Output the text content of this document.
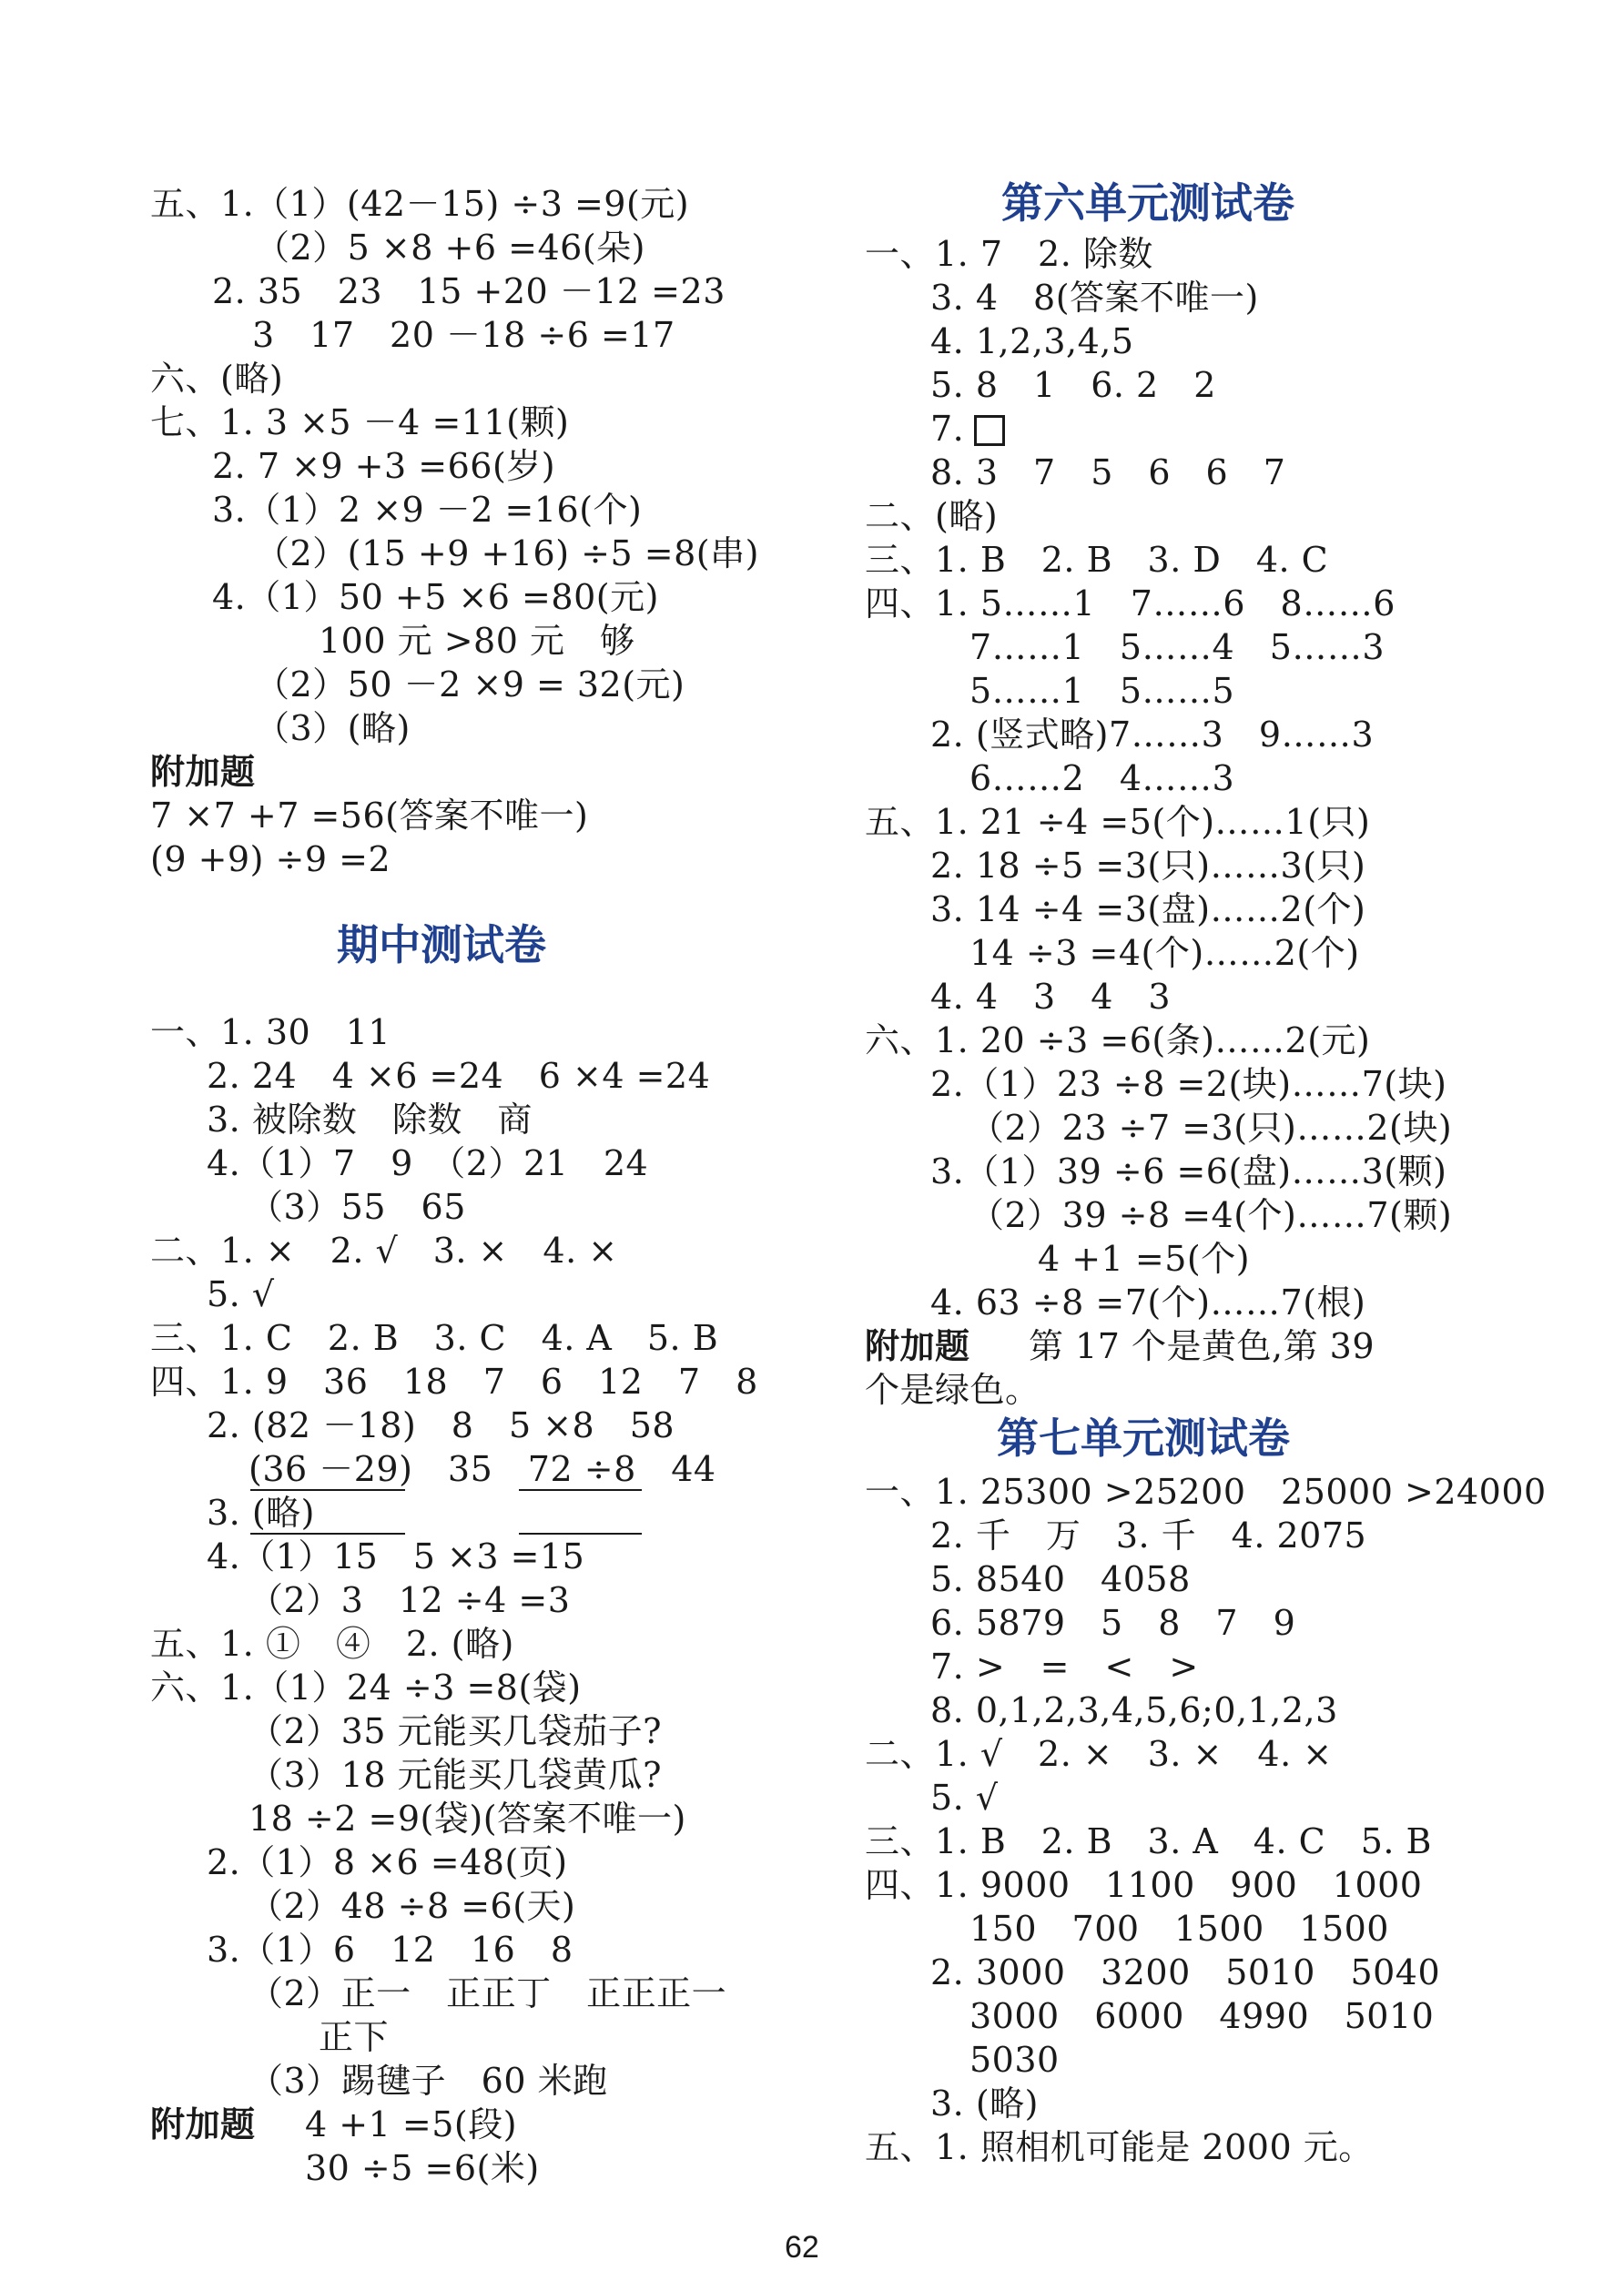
五、1.（1）(42－15) ÷3 =9(元)
（2）5 ×8 +6 =46(朵)
2. 35　23　15 +20 －12 =23
3　17　20 －18 ÷6 =17
六、(略)
七、1. 3 ×5 －4 =11(颗)
2. 7 ×9 +3 =66(岁)
3.（1）2 ×9 －2 =16(个)
（2）(15 +9 +16) ÷5 =8(串)
4.（1）50 +5 ×6 =80(元)
100 元 >80 元　够
（2）50 －2 ×9 = 32(元)
（3）(略)
附加题
7 ×7 +7 =56(答案不唯一)
(9 +9) ÷9 =2
期中测试卷
一、1. 30　11
2. 24　4 ×6 =24　6 ×4 =24
3. 被除数　除数　商
4.（1）7　9　（2）21　24
（3）55　65
二、1. ×　2. √　3. ×　4. ×
5. √
三、1. C　2. B　3. C　4. A　5. B
四、1. 9　36　18　7　6　12　7　8
2. (82 －18)　8　5 ×8　58
(36 －29)　35　72 ÷8　44
3. (略)
4.（1）15　5 ×3 =15
（2）3　12 ÷4 =3
五、1. ①　④　2. (略)
六、1.（1）24 ÷3 =8(袋)
（2）35 元能买几袋茄子?
（3）18 元能买几袋黄瓜?
18 ÷2 =9(袋)(答案不唯一)
2.（1）8 ×6 =48(页)
（2）48 ÷8 =6(天)
3.（1）6　12　16　8
（2）正一　正正丁　正正正一
正下
（3）踢毽子　60 米跑
附加题 4 +1 =5(段)
30 ÷5 =6(米)
第六单元测试卷
一、1. 7　2. 除数
3. 4　8(答案不唯一)
4. 1,2,3,4,5
5. 8　1　6. 2　2
7.
8. 3　7　5　6　6　7
二、(略)
三、1. B　2. B　3. D　4. C
四、1. 5……1　7……6　8……6
7……1　5……4　5……3
5……1　5……5
2. (竖式略)7……3　9……3
6……2　4……3
五、1. 21 ÷4 =5(个)……1(只)
2. 18 ÷5 =3(只)……3(只)
3. 14 ÷4 =3(盘)……2(个)
14 ÷3 =4(个)……2(个)
4. 4　3　4　3
六、1. 20 ÷3 =6(条)……2(元)
2.（1）23 ÷8 =2(块)……7(块)
（2）23 ÷7 =3(只)……2(块)
3.（1）39 ÷6 =6(盘)……3(颗)
（2）39 ÷8 =4(个)……7(颗)
4 +1 =5(个)
4. 63 ÷8 =7(个)……7(根)
附加题 第 17 个是黄色,第 39
个是绿色。
第七单元测试卷
一、1. 25300 >25200　25000 >24000
2. 千　万　3. 千　4. 2075
5. 8540　4058
6. 5879　5　8　7　9
7. >　=　<　>
8. 0,1,2,3,4,5,6;0,1,2,3
二、1. √　2. ×　3. ×　4. ×
5. √
三、1. B　2. B　3. A　4. C　5. B
四、1. 9000　1100　900　1000
150　700　1500　1500
2. 3000　3200　5010　5040
3000　6000　4990　5010
5030
3. (略)
五、1. 照相机可能是 2000 元。
62
